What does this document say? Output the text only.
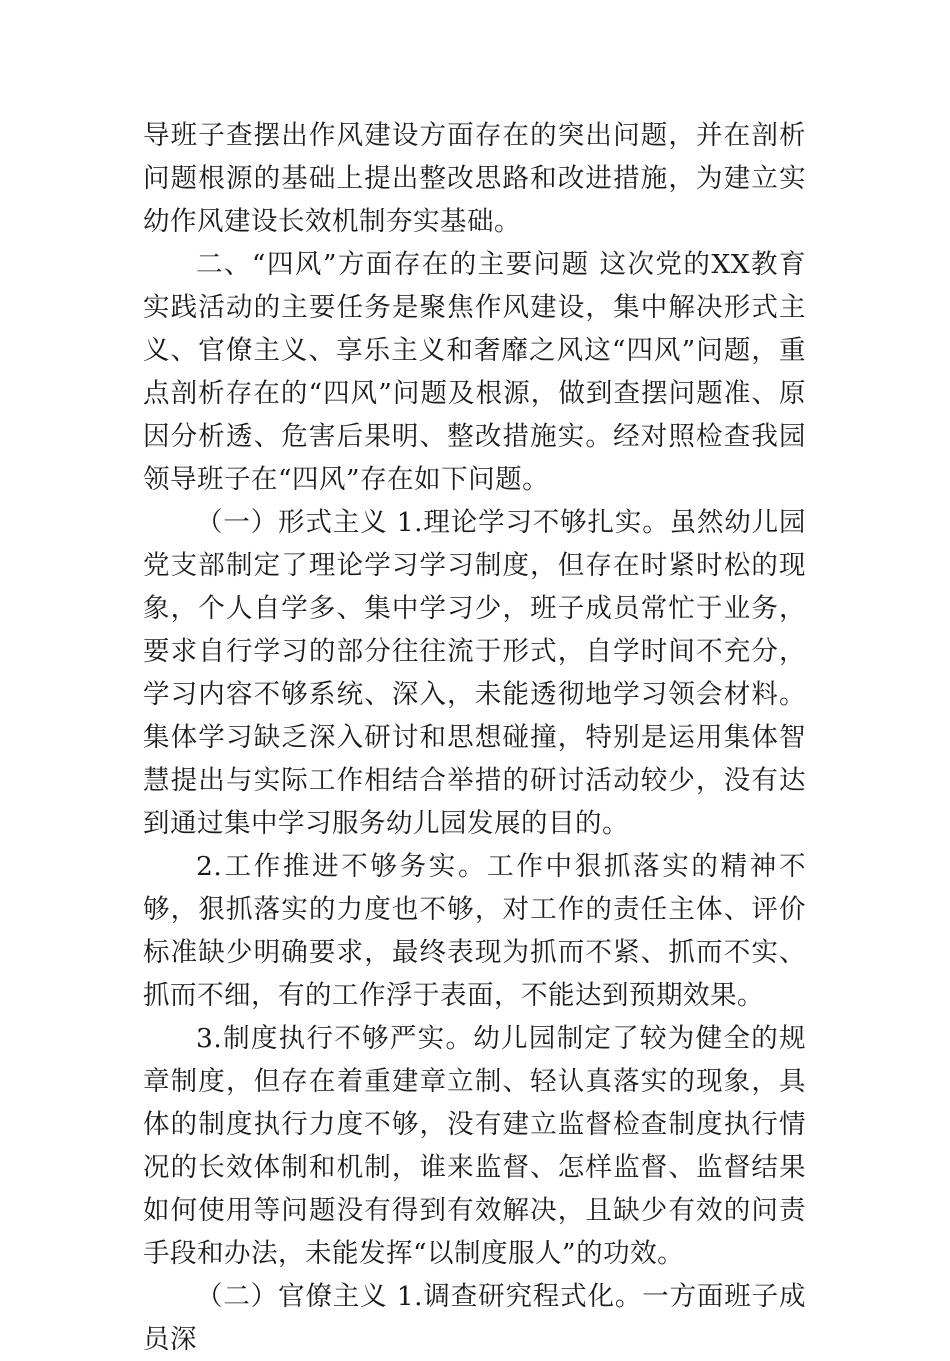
导班子查摆出作风建设方面存在的突出问题，并在剖析问题根源的基础上提出整改思路和改进措施，为建立实幼作风建设长效机制夯实基础。

二、“四风”方面存在的主要问题 这次党的XX教育实践活动的主要任务是聚焦作风建设，集中解决形式主义、官僚主义、享乐主义和奢靡之风这“四风”问题，重点剖析存在的“四风”问题及根源，做到查摆问题准、原因分析透、危害后果明、整改措施实。经对照检查我园领导班子在“四风”存在如下问题。

（一）形式主义 1.理论学习不够扎实。虽然幼儿园党支部制定了理论学习学习制度，但存在时紧时松的现象，个人自学多、集中学习少，班子成员常忙于业务，要求自行学习的部分往往流于形式，自学时间不充分，学习内容不够系统、深入，未能透彻地学习领会材料。集体学习缺乏深入研讨和思想碰撞，特别是运用集体智慧提出与实际工作相结合举措的研讨活动较少，没有达到通过集中学习服务幼儿园发展的目的。

2.工作推进不够务实。工作中狠抓落实的精神不够，狠抓落实的力度也不够，对工作的责任主体、评价标准缺少明确要求，最终表现为抓而不紧、抓而不实、抓而不细，有的工作浮于表面，不能达到预期效果。

3.制度执行不够严实。幼儿园制定了较为健全的规章制度，但存在着重建章立制、轻认真落实的现象，具体的制度执行力度不够，没有建立监督检查制度执行情况的长效体制和机制，谁来监督、怎样监督、监督结果如何使用等问题没有得到有效解决，且缺少有效的问责手段和办法，未能发挥“以制度服人”的功效。

（二）官僚主义 1.调查研究程式化。一方面班子成员深
